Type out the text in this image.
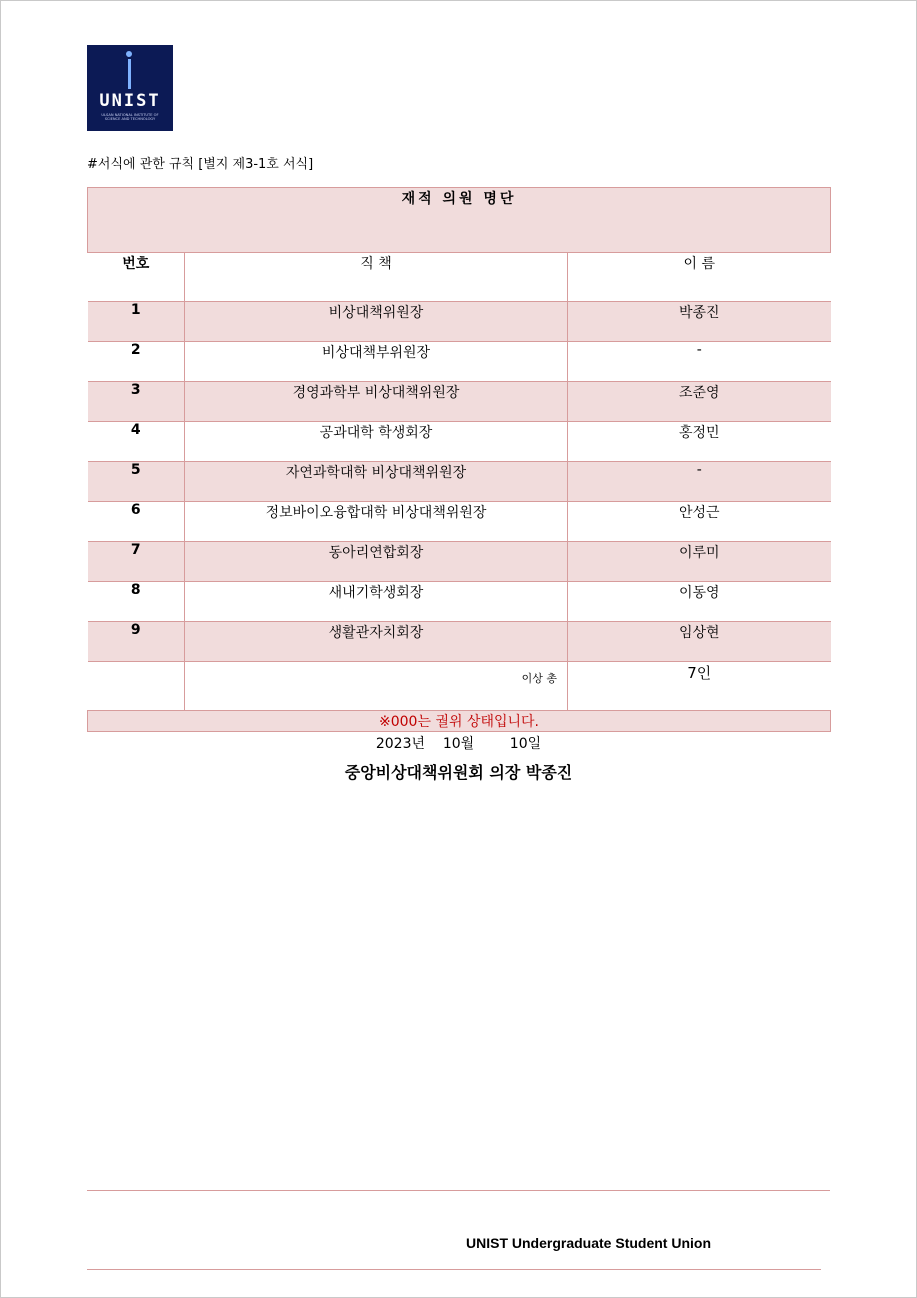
UNIST
ULSAN NATIONAL INSTITUTE OF SCIENCE AND TECHNOLOGY
#서식에 관한 규칙 [별지 제3-1호 서식]
재적 의원 명단		
번호	직 책	이 름
1	비상대책위원장	박종진
2	비상대책부위원장	-
3	경영과학부 비상대책위원장	조준영
4	공과대학 학생회장	홍정민
5	자연과학대학 비상대책위원장	-
6	정보바이오융합대학 비상대책위원장	안성근
7	동아리연합회장	이루미
8	새내기학생회장	이동영
9	생활관자치회장	임상현
	이상 총	7인
※000는 궐위 상태입니다.		
2023년 10월	10일
중앙비상대책위원회 의장 박종진
UNIST Undergraduate Student Union
